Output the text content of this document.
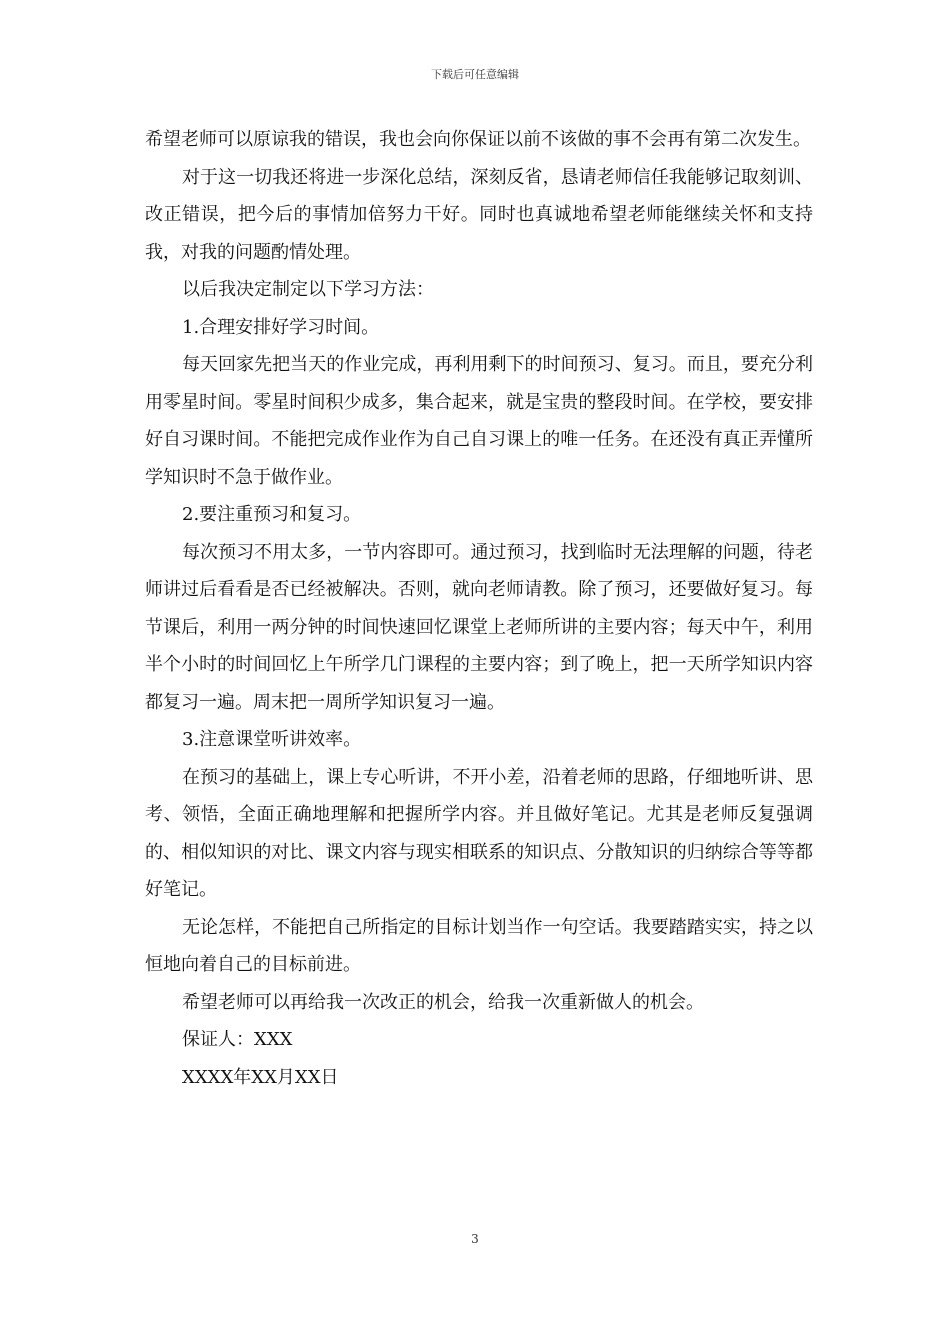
下载后可任意编辑

希望老师可以原谅我的错误，我也会向你保证以前不该做的事不会再有第二次发生。

对于这一切我还将进一步深化总结，深刻反省，恳请老师信任我能够记取刻训、改正错误，把今后的事情加倍努力干好。同时也真诚地希望老师能继续关怀和支持我，对我的问题酌情处理。

以后我决定制定以下学习方法：

1.合理安排好学习时间。

每天回家先把当天的作业完成，再利用剩下的时间预习、复习。而且，要充分利用零星时间。零星时间积少成多，集合起来，就是宝贵的整段时间。在学校，要安排好自习课时间。不能把完成作业作为自己自习课上的唯一任务。在还没有真正弄懂所学知识时不急于做作业。

2.要注重预习和复习。

每次预习不用太多，一节内容即可。通过预习，找到临时无法理解的问题，待老师讲过后看看是否已经被解决。否则，就向老师请教。除了预习，还要做好复习。每节课后，利用一两分钟的时间快速回忆课堂上老师所讲的主要内容；每天中午，利用半个小时的时间回忆上午所学几门课程的主要内容；到了晚上，把一天所学知识内容都复习一遍。周末把一周所学知识复习一遍。

3.注意课堂听讲效率。

在预习的基础上，课上专心听讲，不开小差，沿着老师的思路，仔细地听讲、思考、领悟，全面正确地理解和把握所学内容。并且做好笔记。尤其是老师反复强调的、相似知识的对比、课文内容与现实相联系的知识点、分散知识的归纳综合等等都好笔记。

无论怎样，不能把自己所指定的目标计划当作一句空话。我要踏踏实实，持之以恒地向着自己的目标前进。

希望老师可以再给我一次改正的机会，给我一次重新做人的机会。

保证人：XXX

XXXX年XX月XX日

3
